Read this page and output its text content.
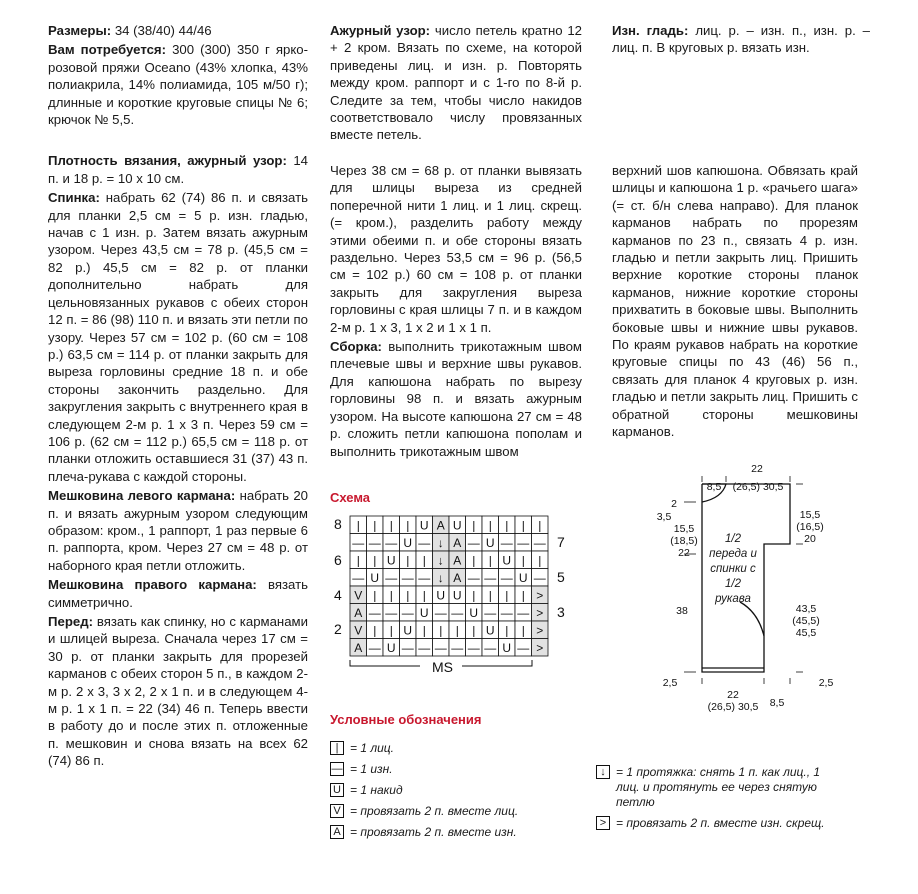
Размеры: 34 (38/40) 44/46

Вам потребуется: 300 (300) 350 г ярко-розовой пряжи Oceano (43% хлопка, 43% полиакрила, 14% полиамида, 105 м/50 г); длинные и короткие круговые спицы № 6; крючок № 5,5.

Плотность вязания, ажурный узор: 14 п. и 18 р. = 10 x 10 см.

Спинка: набрать 62 (74) 86 п. и связать для планки 2,5 см = 5 р. изн. гладью, начав с 1 изн. р. Затем вязать ажурным узором. Через 43,5 см = 78 р. (45,5 см = 82 р.) 45,5 см = 82 р. от планки дополнительно набрать для цельновязанных рукавов с обеих сторон 12 п. = 86 (98) 110 п. и вязать эти петли по узору. Через 57 см = 102 р. (60 см = 108 р.) 63,5 см = 114 р. от планки закрыть для выреза горловины средние 18 п. и обе стороны закончить раздельно. Для закругления закрыть с внутреннего края в следующем 2-м р. 1 х 3 п. Через 59 см = 106 р. (62 см = 112 р.) 65,5 см = 118 р. от планки отложить оставшиеся 31 (37) 43 п. плеча-рукава с каждой стороны.

Мешковина левого кармана: набрать 20 п. и вязать ажурным узором следующим образом: кром., 1 раппорт, 1 раз первые 6 п. раппорта, кром. Через 27 см = 48 р. от наборного края петли отложить.

Мешковина правого кармана: вязать симметрично.

Перед: вязать как спинку, но с карманами и шлицей выреза. Сначала через 17 см = 30 р. от планки закрыть для прорезей карманов с обеих сторон 5 п., в каждом 2-м р. 2 х 3, 3 х 2, 2 х 1 п. и в следующем 4-м р. 1 х 1 п. = 22 (34) 46 п. Теперь ввести в работу до и после этих п. отложенные п. мешковин и снова вязать на всех 62 (74) 86 п.

Ажурный узор: число петель кратно 12 + 2 кром. Вязать по схеме, на которой приведены лиц. и изн. р. Повторять между кром. раппорт и с 1-го по 8-й р. Следите за тем, чтобы число накидов соответствовало числу провязанных вместе петель.

Через 38 см = 68 р. от планки вывязать для шлицы выреза из средней поперечной нити 1 лиц. и 1 лиц. скрещ. (= кром.), разделить работу между этими обеими п. и обе стороны вязать раздельно. Через 53,5 см = 96 р. (56,5 см = 102 р.) 60 см = 108 р. от планки закрыть для закругления выреза горловины с края шлицы 7 п. и в каждом 2-м р. 1 х 3, 1 х 2 и 1 х 1 п.

Сборка: выполнить трикотажным швом плечевые швы и верхние швы рукавов. Для капюшона набрать по вырезу горловины 98 п. и вязать ажурным узором. На высоте капюшона 27 см = 48 р. сложить петли капюшона пополам и выполнить трикотажным швом

Схема
| | | | U A U | | | | |
— — — U — ↓ A — U — — —
| | U | | ↓ A | | U | |
— U — — — ↓ A — — — U —
V | | | | U U | | | | >
A — — — U — — U — — — >
V | | U | | | | U | | >
A — U — — — — — — U — >
8
6
4
2
7
5
3
MS
Условные обозначения
| = 1 лиц.
— = 1 изн.
U = 1 накид
V = провязать 2 п. вместе лиц.
A = провязать 2 п. вместе изн.

Изн. гладь: лиц. р. – изн. п., изн. р. – лиц. п. В круговых р. вязать изн.

верхний шов капюшона. Обвязать край шлицы и капюшона 1 р. «рачьего шага» (= ст. б/н слева направо). Для планок карманов набрать по прорезям карманов по 23 п., связать 4 р. изн. гладью и петли закрыть лиц. Пришить верхние короткие стороны планок карманов, нижние короткие стороны прихватить в боковые швы. Выполнить боковые швы и нижние швы рукавов. По краям рукавов набрать на короткие круговые спицы по 43 (46) 56 п., связать для планок 4 круговых р. изн. гладью и петли закрыть лиц. Пришить с обратной стороны мешковины карманов.

22
8,5 (26,5) 30,5
2
3,5
15,5
(18,5)
22
38
2,5
15,5
(16,5)
20
43,5
(45,5)
45,5
2,5
22
(26,5) 30,5 8,5
1/2 переда и спинки с 1/2 рукава
↓ = 1 протяжка: снять 1 п. как лиц., 1 лиц. и протянуть ее через снятую петлю
> = провязать 2 п. вместе изн. скрещ.
